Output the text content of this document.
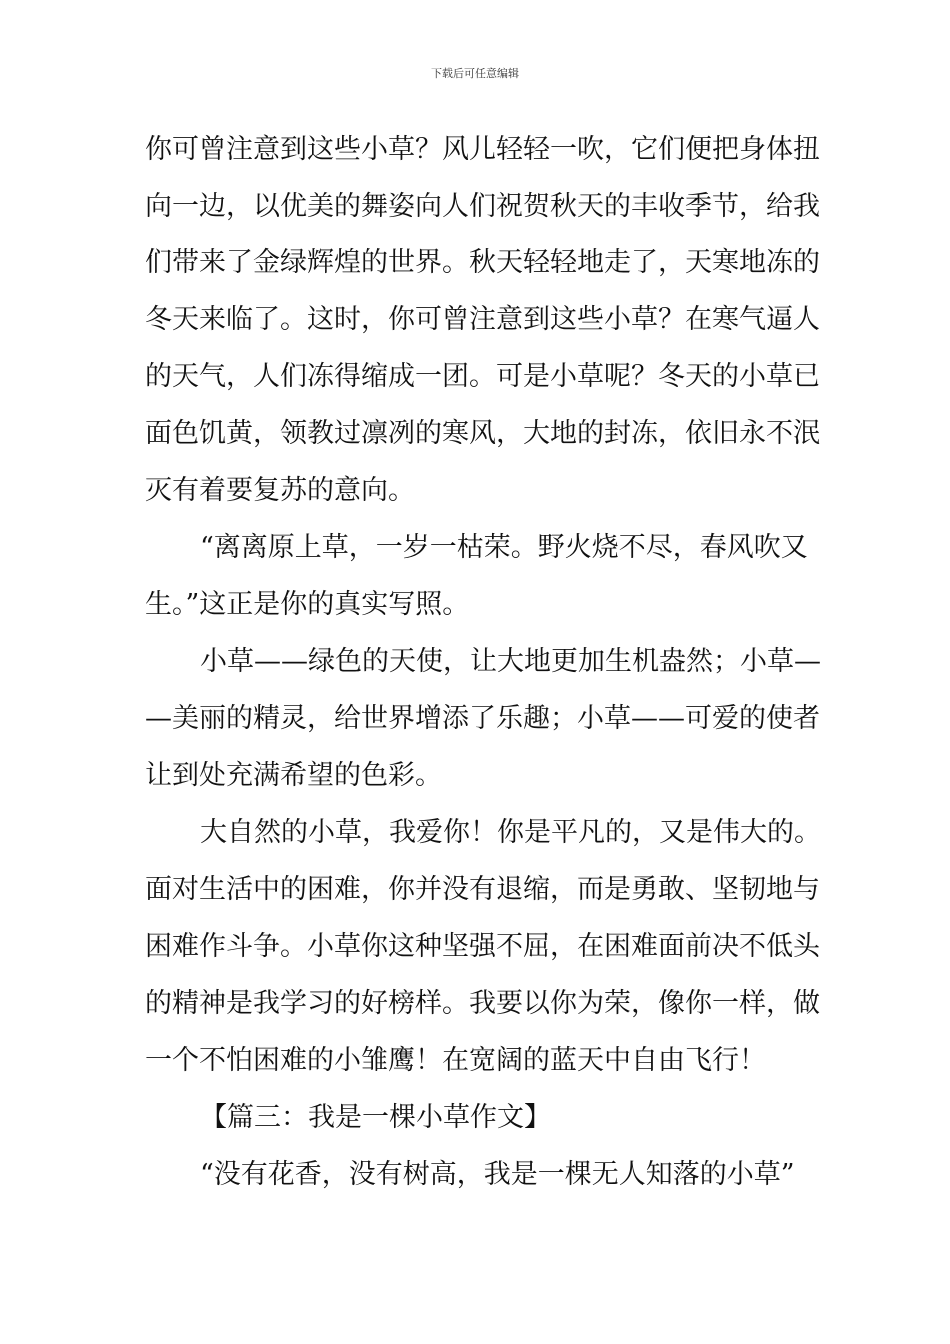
下载后可任意编辑
你可曾注意到这些小草？风儿轻轻一吹，它们便把身体扭
向一边，以优美的舞姿向人们祝贺秋天的丰收季节，给我
们带来了金绿辉煌的世界。秋天轻轻地走了，天寒地冻的
冬天来临了。这时，你可曾注意到这些小草？在寒气逼人
的天气，人们冻得缩成一团。可是小草呢？冬天的小草已
面色饥黄，领教过凛冽的寒风，大地的封冻，依旧永不泯
灭有着要复苏的意向。
“离离原上草，一岁一枯荣。野火烧不尽，春风吹又
生。”这正是你的真实写照。
小草——绿色的天使，让大地更加生机盎然；小草—
—美丽的精灵，给世界增添了乐趣；小草——可爱的使者
让到处充满希望的色彩。
大自然的小草，我爱你！你是平凡的，又是伟大的。
面对生活中的困难，你并没有退缩，而是勇敢、坚韧地与
困难作斗争。小草你这种坚强不屈，在困难面前决不低头
的精神是我学习的好榜样。我要以你为荣，像你一样，做
一个不怕困难的小雏鹰！在宽阔的蓝天中自由飞行！
【篇三：我是一棵小草作文】
“没有花香，没有树高，我是一棵无人知落的小草”
